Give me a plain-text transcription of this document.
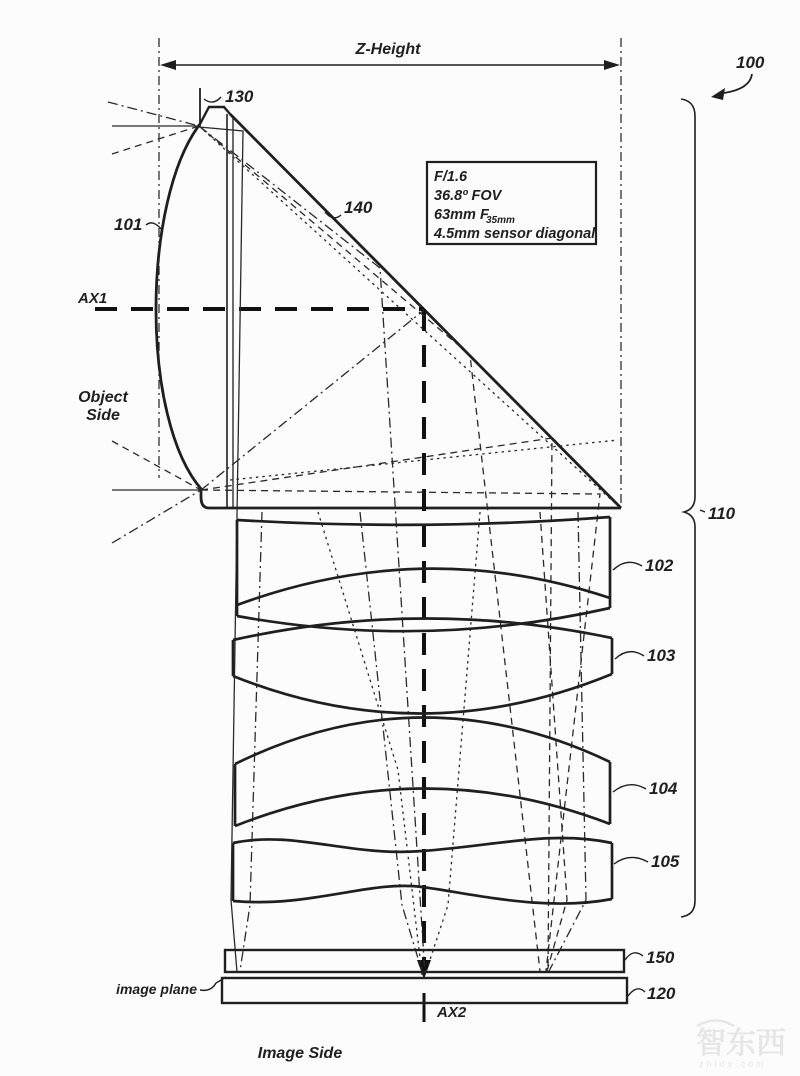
Z-Height
100
AX1
AX2
F/1.6
36.8º FOV
63mm F
35mm
4.5mm sensor diagonal
130
101
140
110
102
103
104
105
150
120
Object
Side
image plane
Image Side	智东西
zhidx.com
